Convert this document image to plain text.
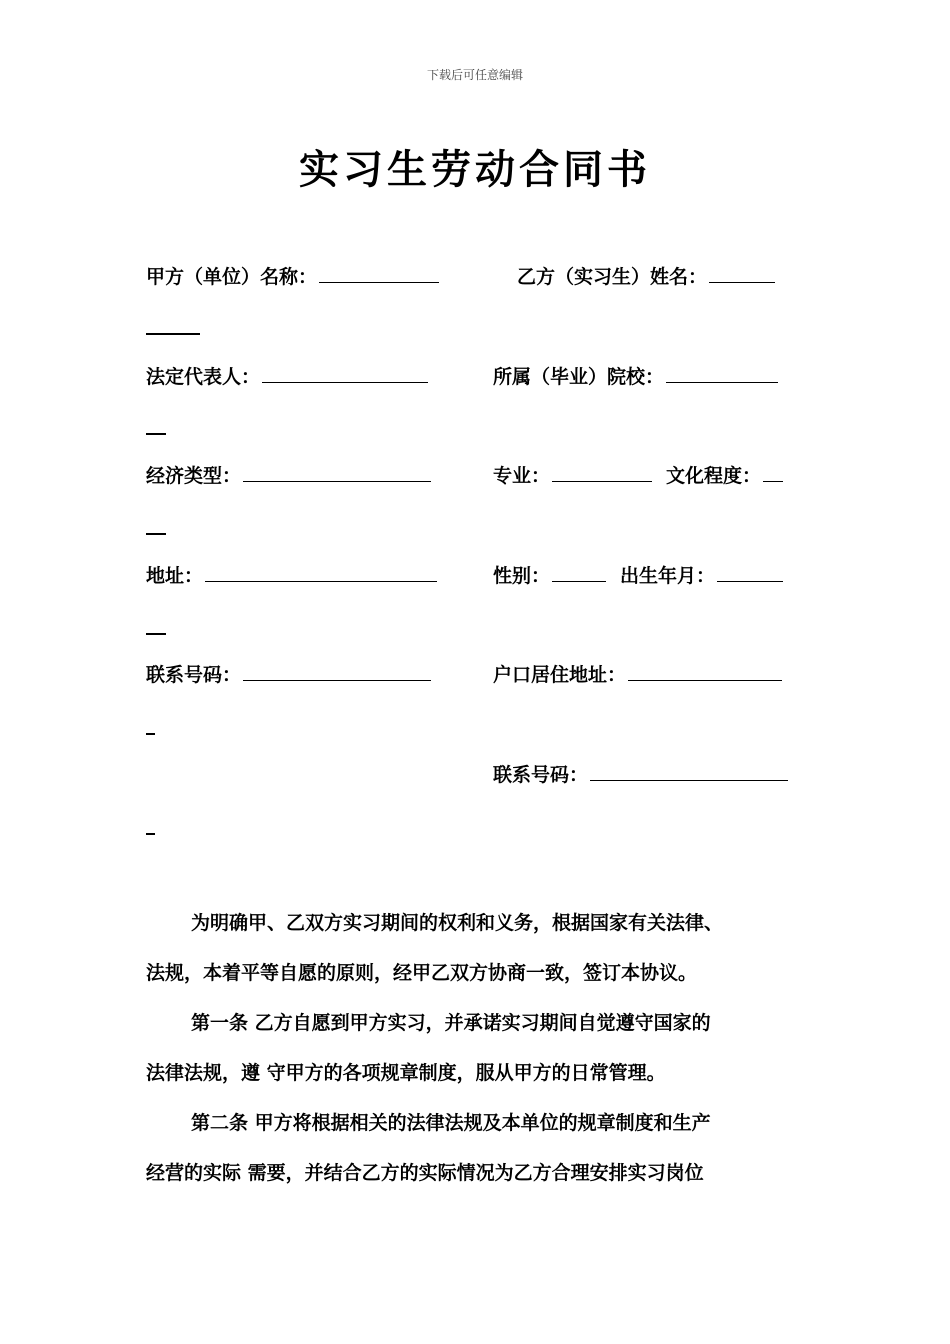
下载后可任意编辑
实习生劳动合同书
甲方（单位）名称：	乙方（实习生）姓名：
法定代表人：	所属（毕业）院校：
经济类型：	专业：	文化程度：
地址：	性别：	出生年月：
联系号码：	户口居住地址：
联系号码：
为明确甲、乙双方实习期间的权利和义务，根据国家有关法律、
法规，本着平等自愿的原则，经甲乙双方协商一致，签订本协议。
第一条 乙方自愿到甲方实习，并承诺实习期间自觉遵守国家的
法律法规，遵 守甲方的各项规章制度，服从甲方的日常管理。
第二条 甲方将根据相关的法律法规及本单位的规章制度和生产
经营的实际 需要，并结合乙方的实际情况为乙方合理安排实习岗位
